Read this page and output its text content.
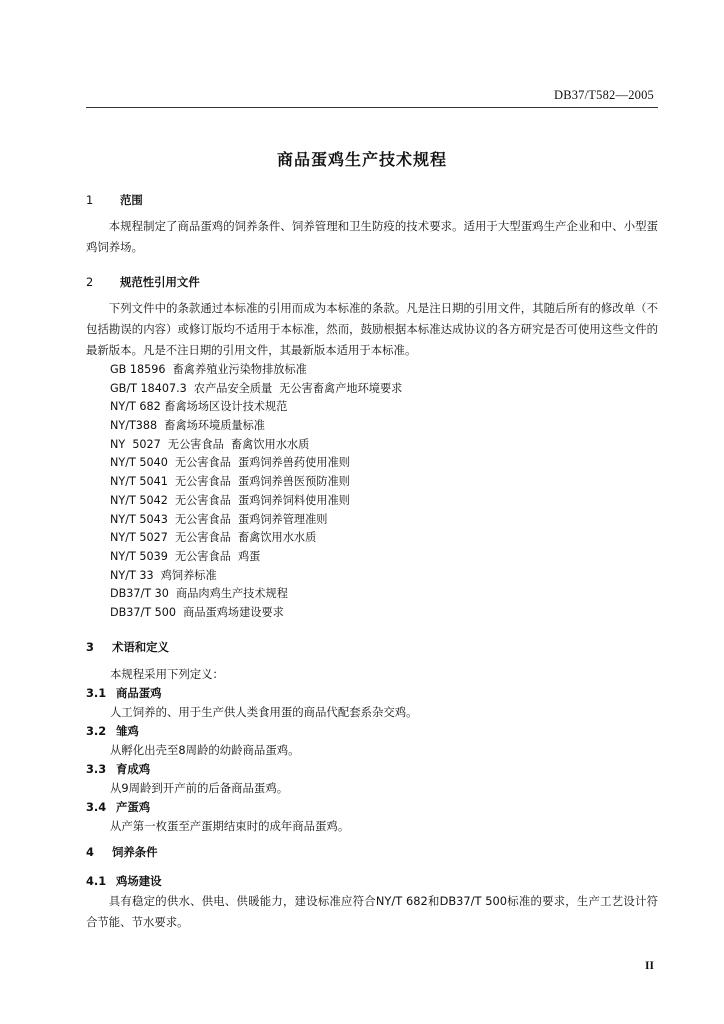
DB37/T582—2005
商品蛋鸡生产技术规程
1 范围
本规程制定了商品蛋鸡的饲养条件、饲养管理和卫生防疫的技术要求。适用于大型蛋鸡生产企业和中、小型蛋鸡饲养场。
2 规范性引用文件
下列文件中的条款通过本标准的引用而成为本标准的条款。凡是注日期的引用文件，其随后所有的修改单（不包括勘误的内容）或修订版均不适用于本标准，然而，鼓励根据本标准达成协议的各方研究是否可使用这些文件的最新版本。凡是不注日期的引用文件，其最新版本适用于本标准。
GB 18596  畜禽养殖业污染物排放标准
GB/T 18407.3  农产品安全质量  无公害畜禽产地环境要求
NY/T 682 畜禽场场区设计技术规范
NY/T388  畜禽场环境质量标准
NY  5027  无公害食品  畜禽饮用水水质
NY/T 5040  无公害食品  蛋鸡饲养兽药使用准则
NY/T 5041  无公害食品  蛋鸡饲养兽医预防准则
NY/T 5042  无公害食品  蛋鸡饲养饲料使用准则
NY/T 5043  无公害食品  蛋鸡饲养管理准则
NY/T 5027  无公害食品  畜禽饮用水水质
NY/T 5039  无公害食品  鸡蛋
NY/T 33  鸡饲养标准
DB37/T 30  商品肉鸡生产技术规程
DB37/T 500  商品蛋鸡场建设要求
3 术语和定义
本规程采用下列定义：
3.1 商品蛋鸡
人工饲养的、用于生产供人类食用蛋的商品代配套系杂交鸡。
3.2 雏鸡
从孵化出壳至8周龄的幼龄商品蛋鸡。
3.3 育成鸡
从9周龄到开产前的后备商品蛋鸡。
3.4 产蛋鸡
从产第一枚蛋至产蛋期结束时的成年商品蛋鸡。
4 饲养条件
4.1 鸡场建设
具有稳定的供水、供电、供暖能力，建设标准应符合NY/T 682和DB37/T 500标准的要求，生产工艺设计符合节能、节水要求。
II
